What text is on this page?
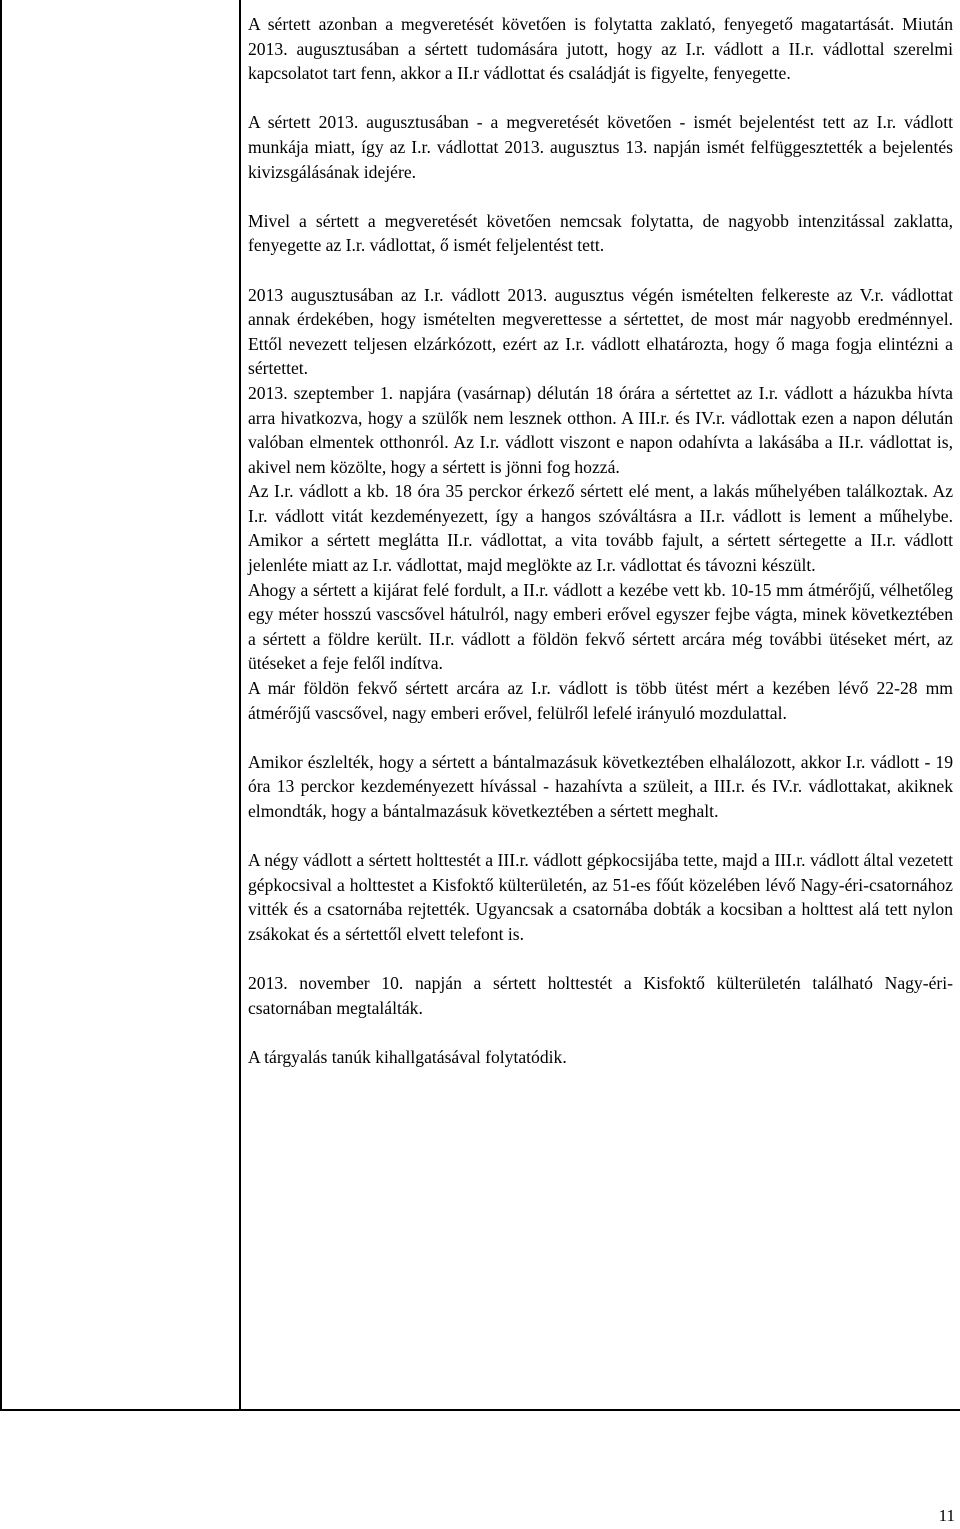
A sértett azonban a megveretését követően is folytatta zaklató, fenyegető magatartását. Miután 2013. augusztusában a sértett tudomására jutott, hogy az I.r. vádlott a II.r. vádlottal szerelmi kapcsolatot tart fenn, akkor a II.r vádlottat és családját is figyelte, fenyegette.

A sértett 2013. augusztusában - a megveretését követően - ismét bejelentést tett az I.r. vádlott munkája miatt, így az I.r. vádlottat 2013. augusztus 13. napján ismét felfüggesztették a bejelentés kivizsgálásának idejére.

Mivel a sértett a megveretését követően nemcsak folytatta, de nagyobb intenzitással zaklatta, fenyegette az I.r. vádlottat, ő ismét feljelentést tett.

2013 augusztusában az I.r. vádlott 2013. augusztus végén ismételten felkereste az V.r. vádlottat annak érdekében, hogy ismételten megverettesse a sértettet, de most már nagyobb eredménnyel. Ettől nevezett teljesen elzárkózott, ezért az I.r. vádlott elhatározta, hogy ő maga fogja elintézni a sértettet.

2013. szeptember 1. napjára (vasárnap) délután 18 órára a sértettet az I.r. vádlott a házukba hívta arra hivatkozva, hogy a szülők nem lesznek otthon. A III.r. és IV.r. vádlottak ezen a napon délután valóban elmentek otthonról. Az I.r. vádlott viszont e napon odahívta a lakásába a II.r. vádlottat is, akivel nem közölte, hogy a sértett is jönni fog hozzá.

Az I.r. vádlott a kb. 18 óra 35 perckor érkező sértett elé ment, a lakás műhelyében találkoztak. Az I.r. vádlott vitát kezdeményezett, így a hangos szóváltásra a II.r. vádlott is lement a műhelybe. Amikor a sértett meglátta II.r. vádlottat, a vita tovább fajult, a sértett sértegette a II.r. vádlott jelenléte miatt az I.r. vádlottat, majd meglökte az I.r. vádlottat és távozni készült.

Ahogy a sértett a kijárat felé fordult, a II.r. vádlott a kezébe vett kb. 10-15 mm átmérőjű, vélhetőleg egy méter hosszú vascsővel hátulról, nagy emberi erővel egyszer fejbe vágta, minek következtében a sértett a földre került. II.r. vádlott a földön fekvő sértett arcára még további ütéseket mért, az ütéseket a feje felől indítva.

A már földön fekvő sértett arcára az I.r. vádlott is több ütést mért a kezében lévő 22-28 mm átmérőjű vascsővel, nagy emberi erővel, felülről lefelé irányuló mozdulattal.

Amikor észlelték, hogy a sértett a bántalmazásuk következtében elhalálozott, akkor I.r. vádlott - 19 óra 13 perckor kezdeményezett hívással - hazahívta a szüleit, a III.r. és IV.r. vádlottakat, akiknek elmondták, hogy a bántalmazásuk következtében a sértett meghalt.

A négy vádlott a sértett holttestét a III.r. vádlott gépkocsijába tette, majd a III.r. vádlott által vezetett gépkocsival a holttestet a Kisfoktő külterületén, az 51-es főút közelében lévő Nagy-éri-csatornához vitték és a csatornába rejtették. Ugyancsak a csatornába dobták a kocsiban a holttest alá tett nylon zsákokat és a sértettől elvett telefont is.

2013. november 10. napján a sértett holttestét a Kisfoktő külterületén található Nagy-éri-csatornában megtalálták.

A tárgyalás tanúk kihallgatásával folytatódik.

11
